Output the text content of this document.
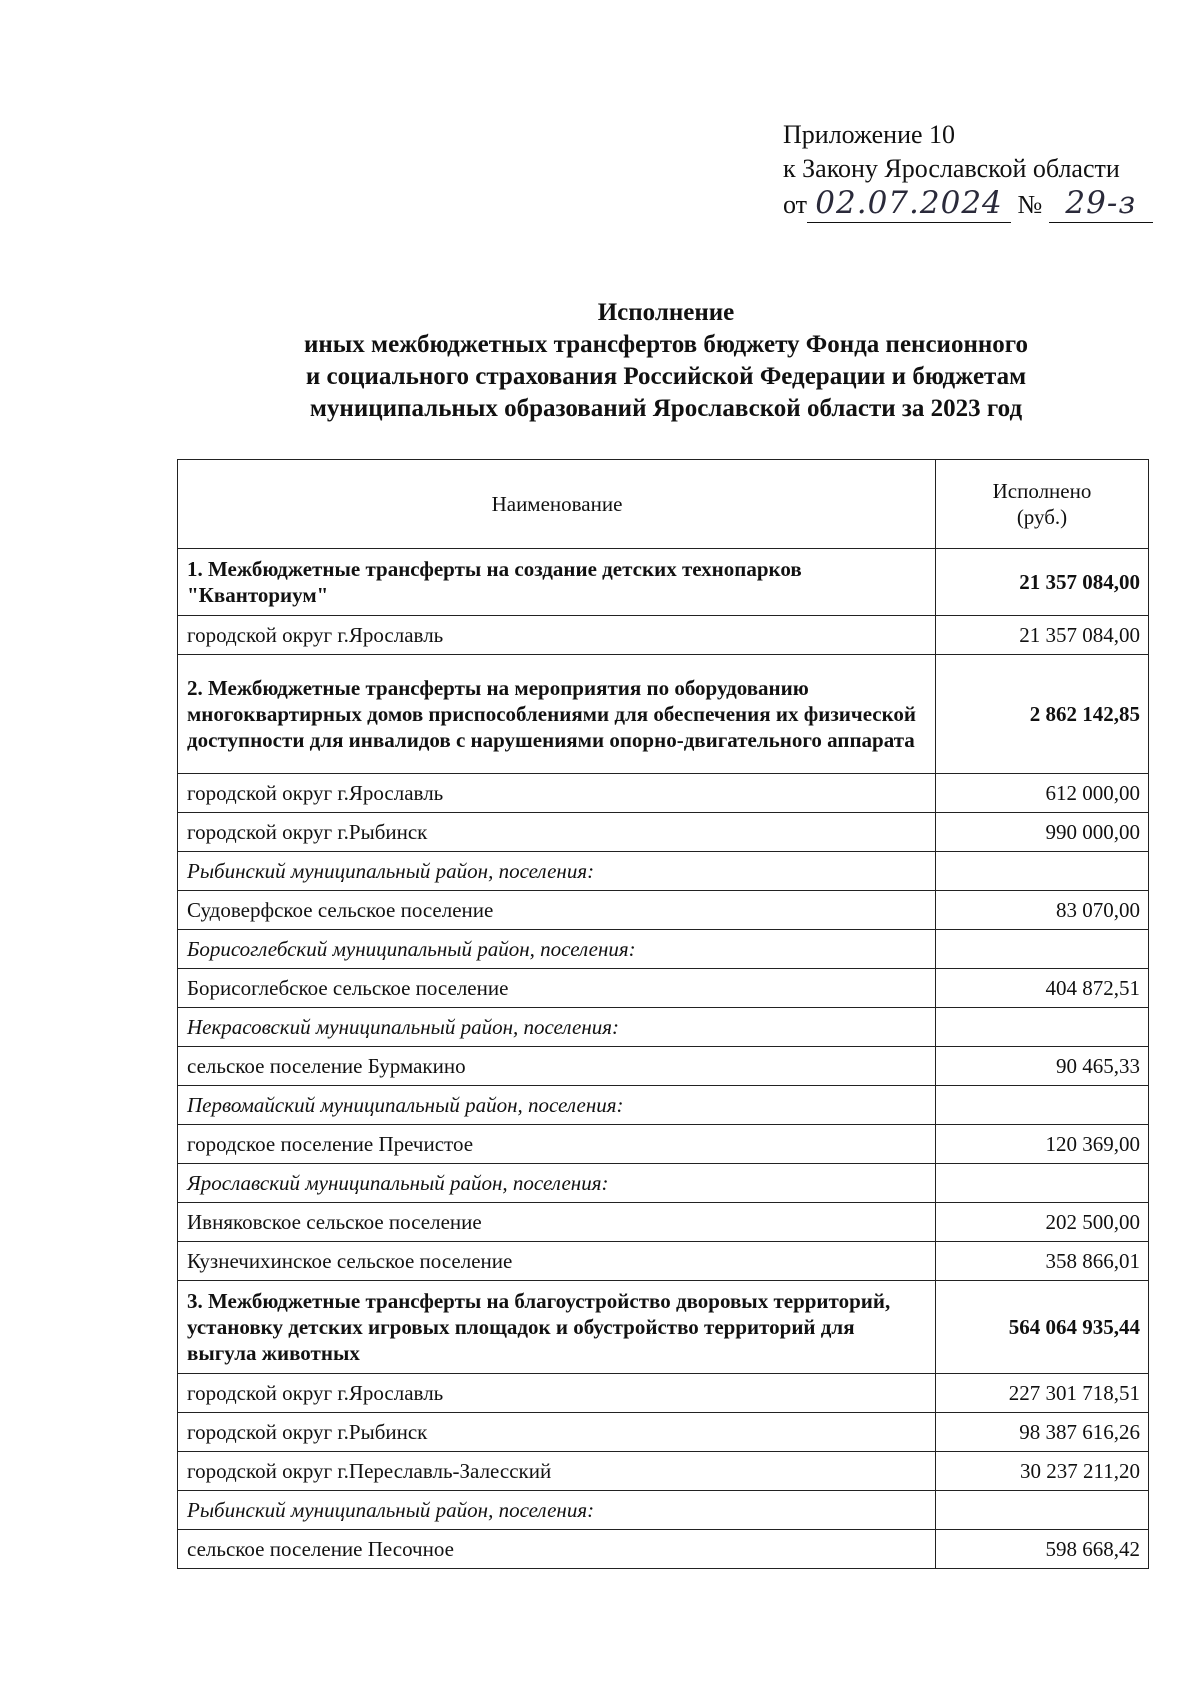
Приложение 10
к Закону Ярославской области
от 02.07.2024 № 29-з
Исполнение
иных межбюджетных трансфертов бюджету Фонда пенсионного
и социального страхования Российской Федерации и бюджетам
муниципальных образований Ярославской области за 2023 год
Наименование	Исполнено
(руб.)
1. Межбюджетные трансферты на создание детских технопарков "Кванториум"	21 357 084,00
городской округ г.Ярославль	21 357 084,00
2. Межбюджетные трансферты на мероприятия по оборудованию многоквартирных домов приспособлениями для обеспечения их физической доступности для инвалидов с нарушениями опорно-двигательного аппарата	2 862 142,85
городской округ г.Ярославль	612 000,00
городской округ г.Рыбинск	990 000,00
Рыбинский муниципальный район, поселения:	
Судоверфское сельское поселение	83 070,00
Борисоглебский муниципальный район, поселения:	
Борисоглебское сельское поселение	404 872,51
Некрасовский муниципальный район, поселения:	
сельское поселение Бурмакино	90 465,33
Первомайский муниципальный район, поселения:	
городское поселение Пречистое	120 369,00
Ярославский муниципальный район, поселения:	
Ивняковское сельское поселение	202 500,00
Кузнечихинское сельское поселение	358 866,01
3. Межбюджетные трансферты на благоустройство дворовых территорий, установку детских игровых площадок и обустройство территорий для выгула животных	564 064 935,44
городской округ г.Ярославль	227 301 718,51
городской округ г.Рыбинск	98 387 616,26
городской округ г.Переславль-Залесский	30 237 211,20
Рыбинский муниципальный район, поселения:	
сельское поселение Песочное	598 668,42
